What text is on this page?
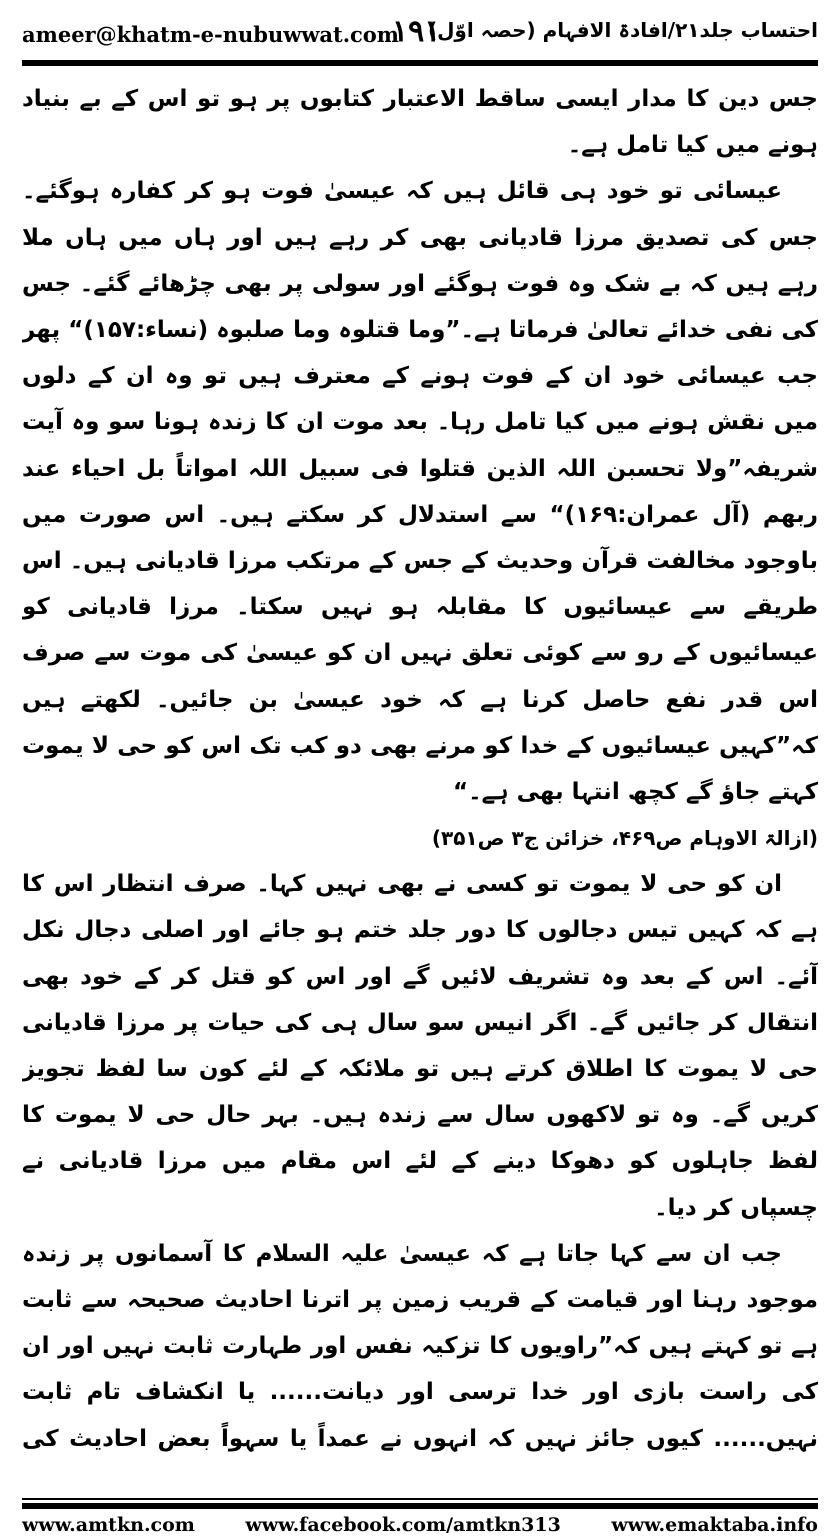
ameer@khatm-e-nubuwwat.com
۱۹۱
احتساب جلد۲۱/افادۃ الافہام (حصہ اوّل)

جس دین کا مدار ایسی ساقط الاعتبار کتابوں پر ہو تو اس کے بے بنیاد ہونے میں کیا تامل ہے۔

عیسائی تو خود ہی قائل ہیں کہ عیسیٰ فوت ہو کر کفارہ ہوگئے۔ جس کی تصدیق مرزا قادیانی بھی کر رہے ہیں اور ہاں میں ہاں ملا رہے ہیں کہ بے شک وہ فوت ہوگئے اور سولی پر بھی چڑھائے گئے۔ جس کی نفی خدائے تعالیٰ فرماتا ہے۔”وما قتلوہ وما صلبوہ (نساء:۱۵۷)“ پھر جب عیسائی خود ان کے فوت ہونے کے معترف ہیں تو وہ ان کے دلوں میں نقش ہونے میں کیا تامل رہا۔ بعد موت ان کا زندہ ہونا سو وہ آیت شریفہ”ولا تحسبن اللہ الذین قتلوا فی سبیل اللہ امواتاً بل احیاء عند ربھم (آل عمران:۱۶۹)“ سے استدلال کر سکتے ہیں۔ اس صورت میں باوجود مخالفت قرآن وحدیث کے جس کے مرتکب مرزا قادیانی ہیں۔ اس طریقے سے عیسائیوں کا مقابلہ ہو نہیں سکتا۔ مرزا قادیانی کو عیسائیوں کے رو سے کوئی تعلق نہیں ان کو عیسیٰ کی موت سے صرف اس قدر نفع حاصل کرنا ہے کہ خود عیسیٰ بن جائیں۔ لکھتے ہیں کہ”کہیں عیسائیوں کے خدا کو مرنے بھی دو کب تک اس کو حی لا یموت کہتے جاؤ گے کچھ انتہا بھی ہے۔“

(ازالۃ الاوہام ص۴۶۹، خزائن ج۳ ص۳۵۱)

ان کو حی لا یموت تو کسی نے بھی نہیں کہا۔ صرف انتظار اس کا ہے کہ کہیں تیس دجالوں کا دور جلد ختم ہو جائے اور اصلی دجال نکل آئے۔ اس کے بعد وہ تشریف لائیں گے اور اس کو قتل کر کے خود بھی انتقال کر جائیں گے۔ اگر انیس سو سال ہی کی حیات پر مرزا قادیانی حی لا یموت کا اطلاق کرتے ہیں تو ملائکہ کے لئے کون سا لفظ تجویز کریں گے۔ وہ تو لاکھوں سال سے زندہ ہیں۔ بہر حال حی لا یموت کا لفظ جاہلوں کو دھوکا دینے کے لئے اس مقام میں مرزا قادیانی نے چسپاں کر دیا۔

جب ان سے کہا جاتا ہے کہ عیسیٰ علیہ السلام کا آسمانوں پر زندہ موجود رہنا اور قیامت کے قریب زمین پر اترنا احادیث صحیحہ سے ثابت ہے تو کہتے ہیں کہ”راویوں کا تزکیہ نفس اور طہارت ثابت نہیں اور ان کی راست بازی اور خدا ترسی اور دیانت...... یا انکشاف تام ثابت نہیں...... کیوں جائز نہیں کہ انہوں نے عمداً یا سہواً بعض احادیث کی

www.amtkn.com	www.facebook.com/amtkn313	www.emaktaba.info
